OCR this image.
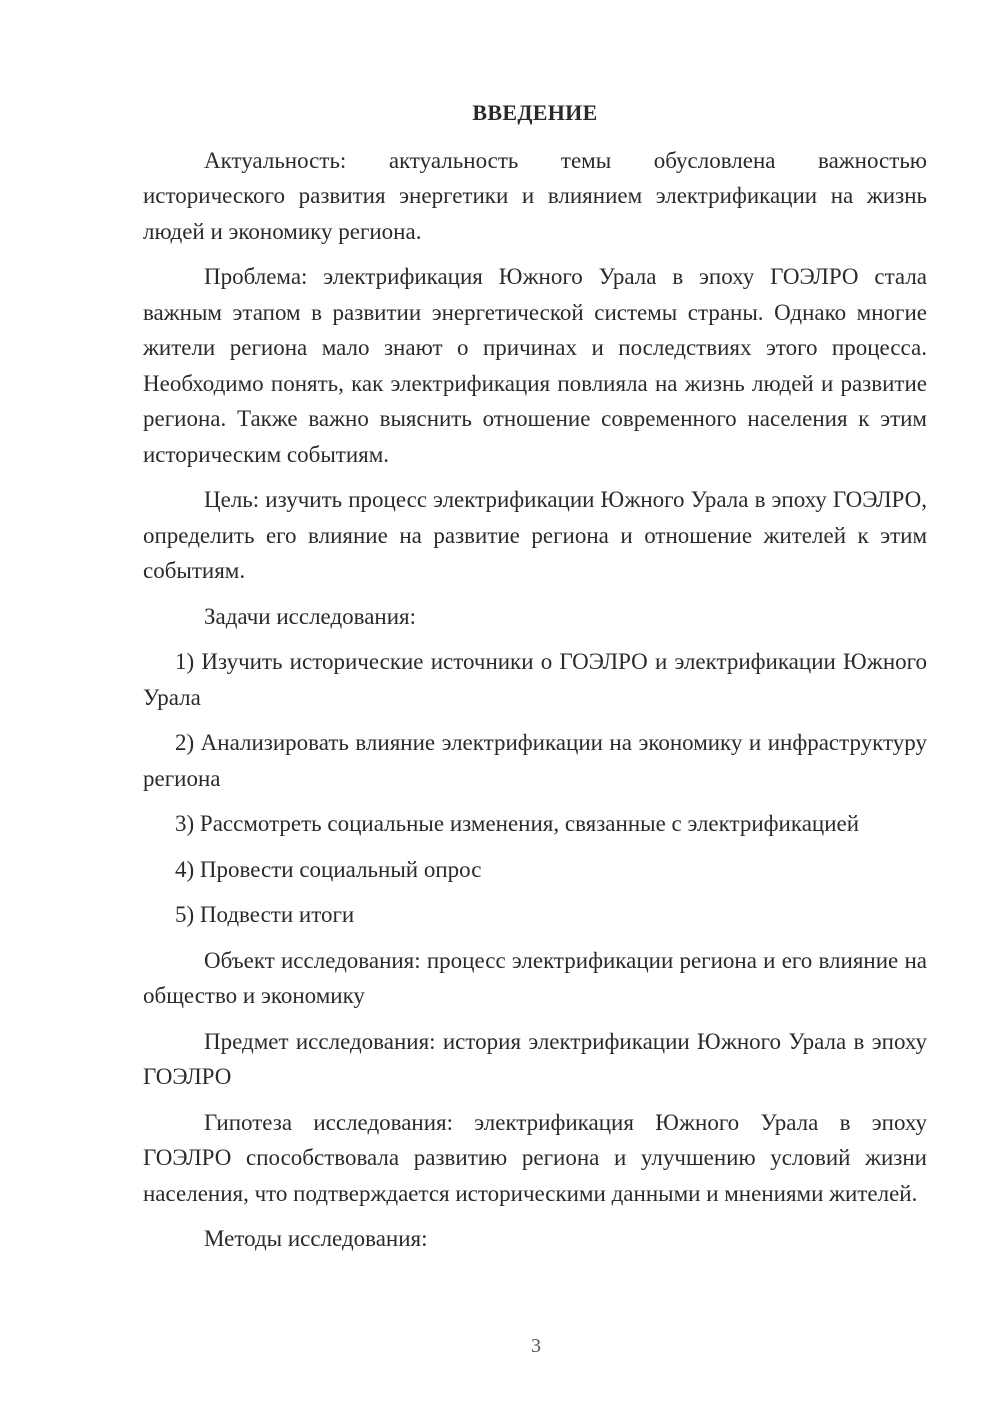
ВВЕДЕНИЕ

Актуальность: актуальность темы обусловлена важностью исторического развития энергетики и влиянием электрификации на жизнь людей и экономику региона.

Проблема: электрификация Южного Урала в эпоху ГОЭЛРО стала важным этапом в развитии энергетической системы страны. Однако многие жители региона мало знают о причинах и последствиях этого процесса. Необходимо понять, как электрификация повлияла на жизнь людей и развитие региона. Также важно выяснить отношение современного населения к этим историческим событиям.

Цель: изучить процесс электрификации Южного Урала в эпоху ГОЭЛРО, определить его влияние на развитие региона и отношение жителей к этим событиям.

Задачи исследования:

1) Изучить исторические источники о ГОЭЛРО и электрификации Южного Урала

2) Анализировать влияние электрификации на экономику и инфраструктуру региона

3) Рассмотреть социальные изменения, связанные с электрификацией

4) Провести социальный опрос

5) Подвести итоги

Объект исследования: процесс электрификации региона и его влияние на общество и экономику

Предмет исследования: история электрификации Южного Урала в эпоху ГОЭЛРО

Гипотеза исследования: электрификация Южного Урала в эпоху ГОЭЛРО способствовала развитию региона и улучшению условий жизни населения, что подтверждается историческими данными и мнениями жителей.

Методы исследования:

3
